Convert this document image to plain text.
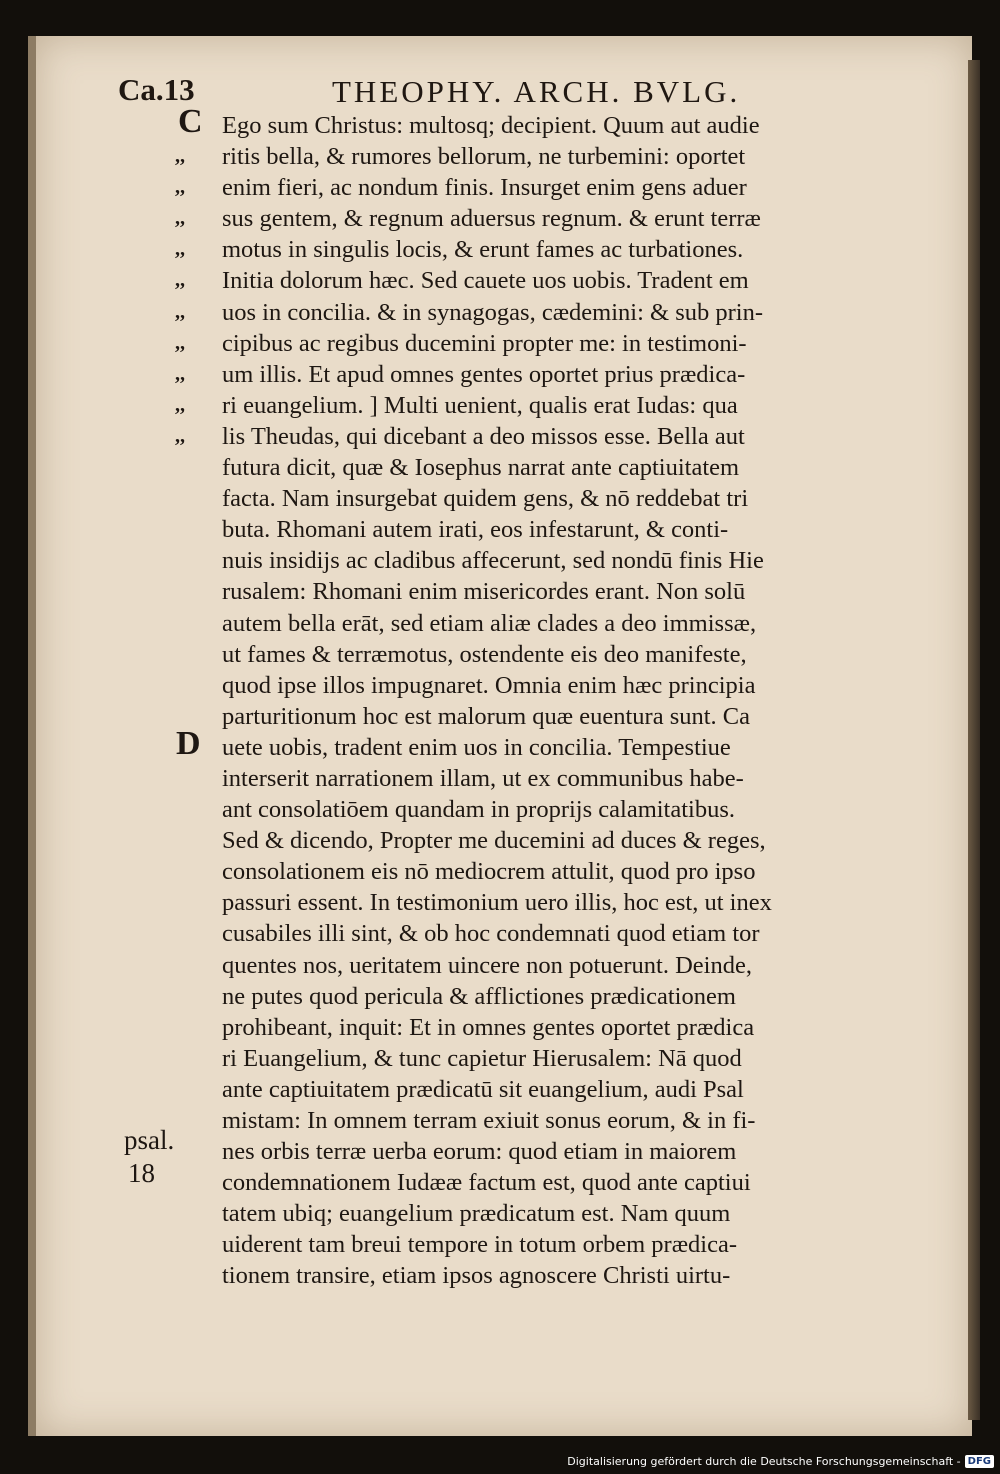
Ca.13	THEOPHY. ARCH. BVLG.
C
D
,,
,,
,,
,,
,,
,,
,,
,,
,,
,,
Ego sum Christus: multosq; decipient. Quum aut audie
ritis bella, & rumores bellorum, ne turbemini: oportet
enim fieri, ac nondum finis. Insurget enim gens aduer
sus gentem, & regnum aduersus regnum. & erunt terræ
motus in singulis locis, & erunt fames ac turbationes.
Initia dolorum hæc. Sed cauete uos uobis. Tradent em
uos in concilia. & in synagogas, cædemini: & sub prin-
cipibus ac regibus ducemini propter me: in testimoni-
um illis. Et apud omnes gentes oportet prius prædica-
ri euangelium. ] Multi uenient, qualis erat Iudas: qua
lis Theudas, qui dicebant a deo missos esse. Bella aut
futura dicit, quæ & Iosephus narrat ante captiuitatem
facta. Nam insurgebat quidem gens, & nō reddebat tri
buta. Rhomani autem irati, eos infestarunt, & conti-
nuis insidijs ac cladibus affecerunt, sed nondū finis Hie
rusalem: Rhomani enim misericordes erant. Non solū
autem bella erāt, sed etiam aliæ clades a deo immissæ,
ut fames & terræmotus, ostendente eis deo manifeste,
quod ipse illos impugnaret. Omnia enim hæc principia
parturitionum hoc est malorum quæ euentura sunt. Ca
uete uobis, tradent enim uos in concilia. Tempestiue
interserit narrationem illam, ut ex communibus habe-
ant consolatiōem quandam in proprijs calamitatibus.
Sed & dicendo, Propter me ducemini ad duces & reges,
consolationem eis nō mediocrem attulit, quod pro ipso
passuri essent. In testimonium uero illis, hoc est, ut inex
cusabiles illi sint, & ob hoc condemnati quod etiam tor
quentes nos, ueritatem uincere non potuerunt. Deinde,
ne putes quod pericula & afflictiones prædicationem
prohibeant, inquit: Et in omnes gentes oportet prædica
ri Euangelium, & tunc capietur Hierusalem: Nā quod
ante captiuitatem prædicatū sit euangelium, audi Psal
mistam: In omnem terram exiuit sonus eorum, & in fi-
nes orbis terræ uerba eorum: quod etiam in maiorem
condemnationem Iudææ factum est, quod ante captiui
tatem ubiq; euangelium prædicatum est. Nam quum
uiderent tam breui tempore in totum orbem prædica-
tionem transire, etiam ipsos agnoscere Christi uirtu-
psal.
18
Digitalisierung gefördert durch die Deutsche Forschungsgemeinschaft - DFG
